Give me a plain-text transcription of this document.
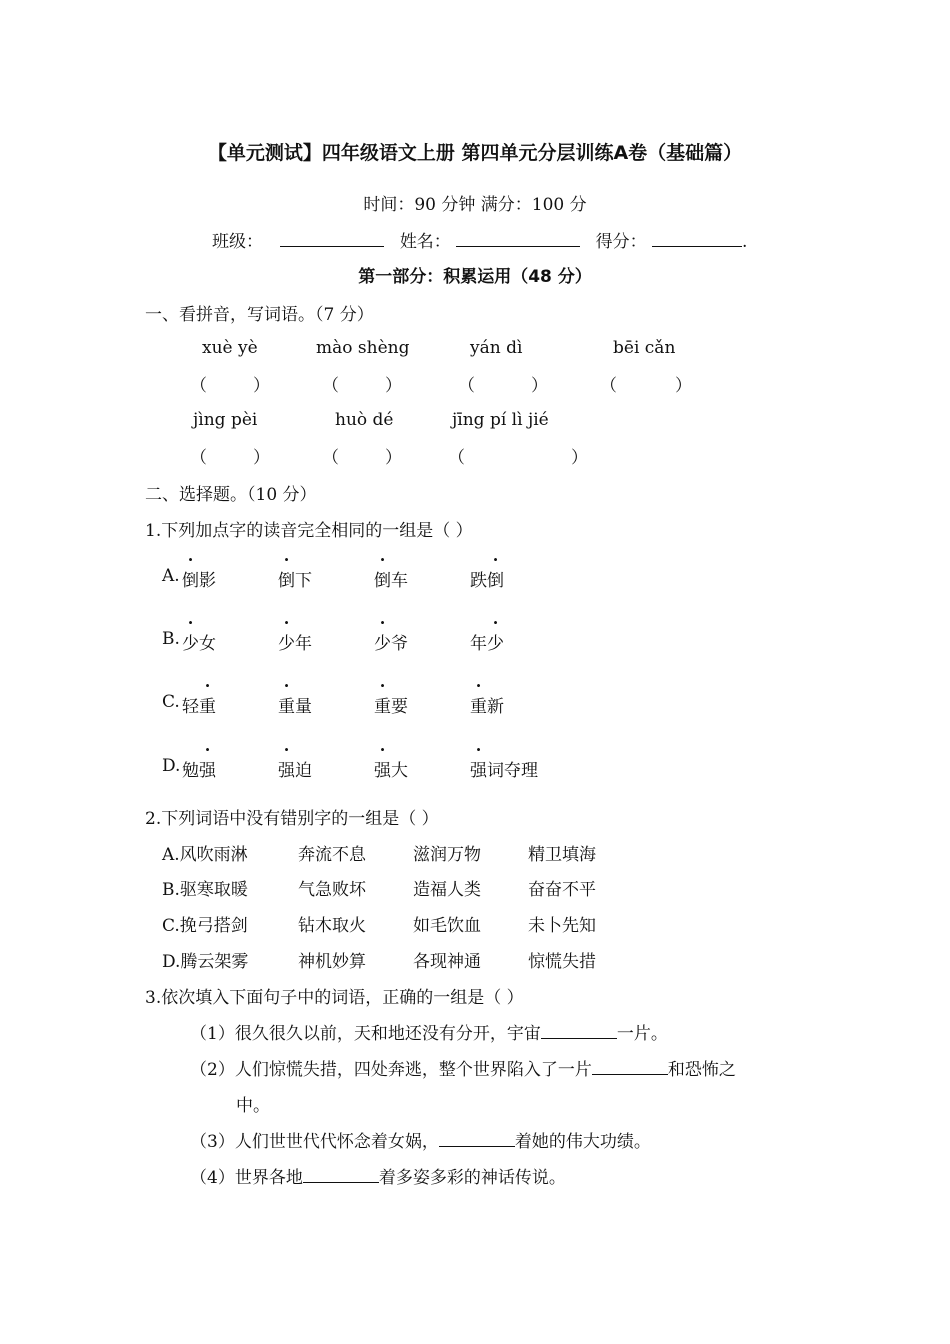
【单元测试】四年级语文上册 第四单元分层训练A卷（基础篇）
时间：90 分钟 满分：100 分
班级：	姓名：	得分：	.
第一部分：积累运用（48 分）
一、看拼音，写词语。（7 分）
xuè yè	mào shèng	yán dì	bēi cǎn
（	）	（	）	（	）	（	）
jìng pèi	huò dé	jīng pí lì jié
（	）	（	）	（	）
二、选择题。（10 分）
1.下列加点字的读音完全相同的一组是（ ）
A. 倒影	倒下	倒车	跌倒
B. 少女	少年	少爷	年少
C. 轻重	重量	重要	重新
D. 勉强	强迫	强大	强词夺理
2.下列词语中没有错别字的一组是（ ）
A.风吹雨淋	奔流不息	滋润万物	精卫填海
B.驱寒取暖	气急败坏	造福人类	奋奋不平
C.挽弓搭剑	钻木取火	如毛饮血	未卜先知
D.腾云架雾	神机妙算	各现神通	惊慌失措
3.依次填入下面句子中的词语，正确的一组是（ ）
（1）很久很久以前，天和地还没有分开，宇宙	一片。
（2）人们惊慌失措，四处奔逃，整个世界陷入了一片	和恐怖之
中。
（3）人们世世代代怀念着女娲，	着她的伟大功绩。
（4）世界各地	着多姿多彩的神话传说。
